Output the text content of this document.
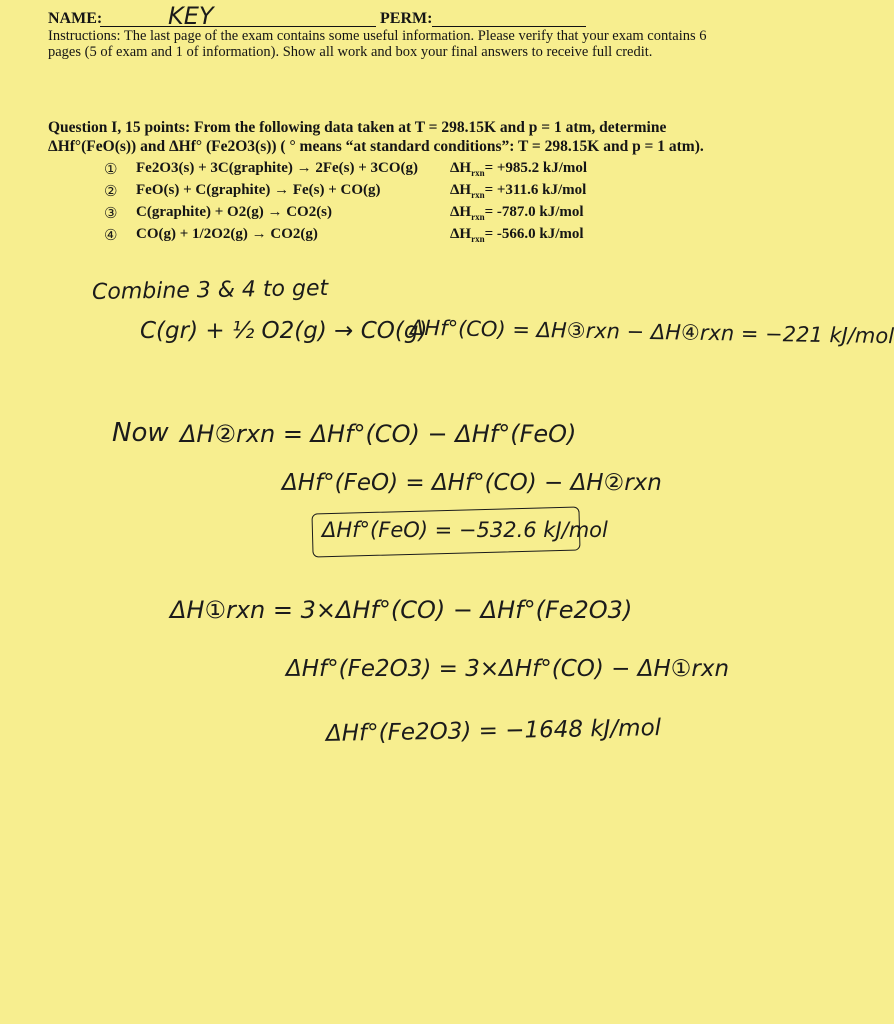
NAME:	KEY	PERM:
Instructions: The last page of the exam contains some useful information. Please verify that your exam contains 6 pages (5 of exam and 1 of information). Show all work and box your final answers to receive full credit.
Question I, 15 points: From the following data taken at T = 298.15K and p = 1 atm, determine
ΔHf°(FeO(s)) and ΔHf° (Fe2O3(s)) ( ° means “at standard conditions”: T = 298.15K and p = 1 atm).
① Fe2O3(s) + 3C(graphite) → 2Fe(s) + 3CO(g) $\Delta H_{rxn}= +985.2$ kJ/mol
② FeO(s) + C(graphite) → Fe(s) + CO(g)	$\Delta H_{rxn}= +311.6$ kJ/mol
③ C(graphite) + O2(g) → CO2(s)	$\Delta H_{rxn}= -787.0$ kJ/mol
④ CO(g) + 1/2O2(g) → CO2(g)	$\Delta H_{rxn}= -566.0$ kJ/mol
Combine 3 & 4 to get
C(gr) + ½ O2(g) → CO(g)
ΔHf°(CO) = ΔH③rxn − ΔH④rxn = −221 kJ/mol
Now ΔH②rxn = ΔHf°(CO) − ΔHf°(FeO)
ΔHf°(FeO) = ΔHf°(CO) − ΔH②rxn
ΔHf°(FeO) = −532.6 kJ/mol
ΔH①rxn = 3×ΔHf°(CO) − ΔHf°(Fe2O3)
ΔHf°(Fe2O3) = 3×ΔHf°(CO) − ΔH①rxn
ΔHf°(Fe2O3) = −1648 kJ/mol
